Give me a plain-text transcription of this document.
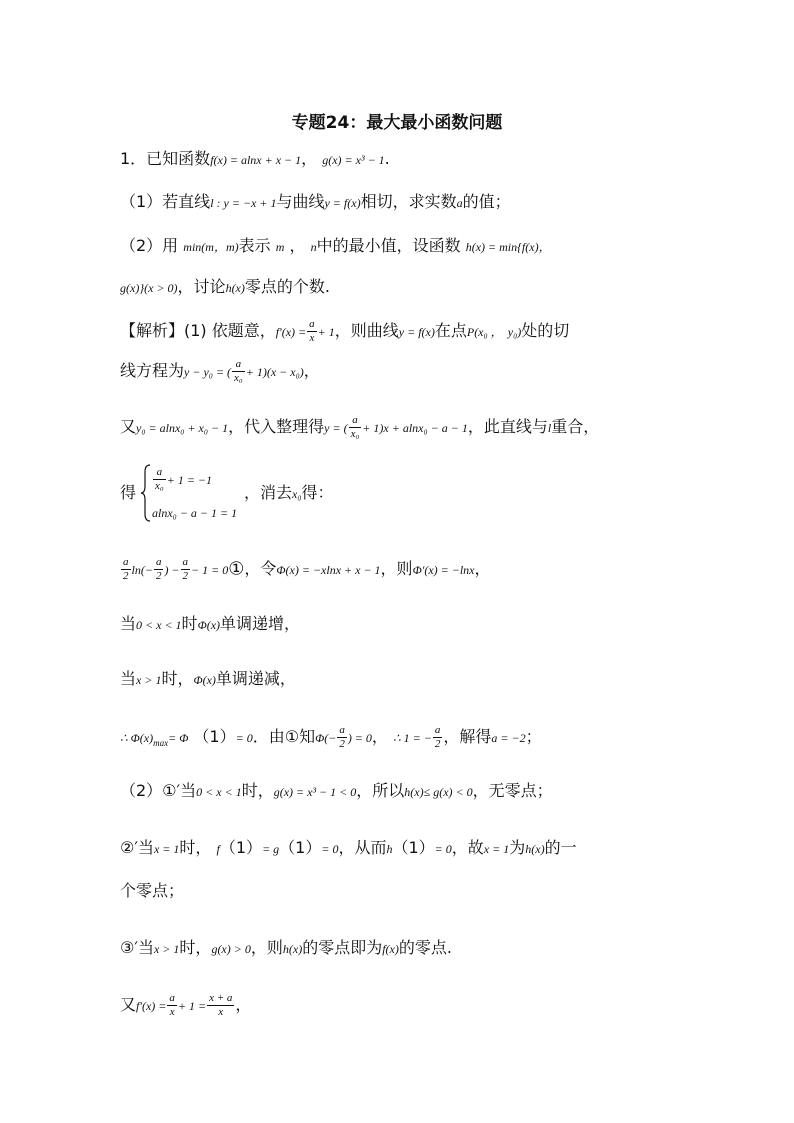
专题24：最大最小函数问题
1．已知函数f(x) = alnx + x − 1， g(x) = x³ − 1.
（1）若直线l : y = −x + 1与曲线y = f(x)相切，求实数a的值；
（2）用 min(m，m)表示 m ， n中的最小值，设函数 h(x) = min{f(x)，
g(x)}(x > 0)，讨论h(x)零点的个数.
【解析】(1) 依题意，$f'(x) = \frac{a}{x} + 1$，则曲线y = f(x)在点P(x₀ ， y₀)处的切
线方程为y − y₀ = ( $\frac{a}{\text{x₀}} + 1)(x - x_0)$，
又y₀ = alnx₀ + x₀ − 1，代入整理得y = ( $\frac{a}{\text{x₀}} + 1)x + alnx_0 - a - 1$，此直线与l重合，
得 $\frac{a}{\text{x₀}} + 1 = -1$
alnx₀ − a − 1 = 1
，消去x₀得：
$\frac{a}{2} \ln(- \frac{a}{2}$ ) − $\frac{a}{2} - 1$ = 0①，令Φ(x) = −xlnx + x − 1，则Φ′(x) = −lnx，
当0 < x < 1时Φ(x)单调递增，
当x > 1时，Φ(x)单调递减，
∴ $\Phi(x)_{max}= \Phi$ （1）= 0．由①知$\Phi(- \frac{a}{2}$ ) = 0， ∴ 1 = − $\frac{a}{2}$ ，解得a = −2；
（2）①′当0 < x < 1时，g(x) = x³ − 1 < 0，所以h(x)≤ g(x) < 0，无零点；
②′当x = 1时， f（1）= g（1）= 0，从而h（1）= 0，故x = 1为h(x)的一
个零点；
③′当x > 1时，g(x) > 0，则h(x)的零点即为f(x)的零点.
又$f'(x) = \frac{a}{x} + 1 = \frac{x + a}{x}$ ，
